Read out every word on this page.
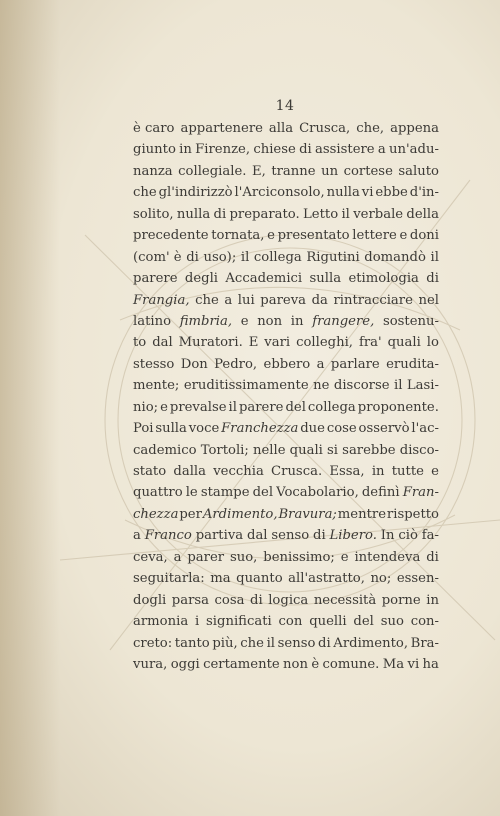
14
è caro appartenere alla Crusca, che, appena
giunto in Firenze, chiese di assistere a un'adu-
nanza collegiale. E, tranne un cortese saluto
che gl'indirizzò l'Arciconsolo, nulla vi ebbe d'in-
solito, nulla di preparato. Letto il verbale della
precedente tornata, e presentato lettere e doni
(com' è di uso); il collega Rigutini domandò il
parere degli Accademici sulla etimologia di
Frangia, che a lui pareva da rintracciare nel
latino fimbria, e non in frangere, sostenu-
to dal Muratori. E vari colleghi, fra' quali lo
stesso Don Pedro, ebbero a parlare erudita-
mente; eruditissimamente ne discorse il Lasi-
nio; e prevalse il parere del collega proponente.
Poi sulla voce Franchezza due cose osservò l'ac-
cademico Tortoli; nelle quali si sarebbe disco-
stato dalla vecchia Crusca. Essa, in tutte e
quattro le stampe del Vocabolario, definì Fran-
chezza per Ardimento, Bravura; mentre rispetto
a Franco partiva dal senso di Libero. In ciò fa-
ceva, a parer suo, benissimo; e intendeva di
seguitarla: ma quanto all'astratto, no; essen-
dogli parsa cosa di logica necessità porne in
armonia i significati con quelli del suo con-
creto: tanto più, che il senso di Ardimento, Bra-
vura, oggi certamente non è comune. Ma vi ha
